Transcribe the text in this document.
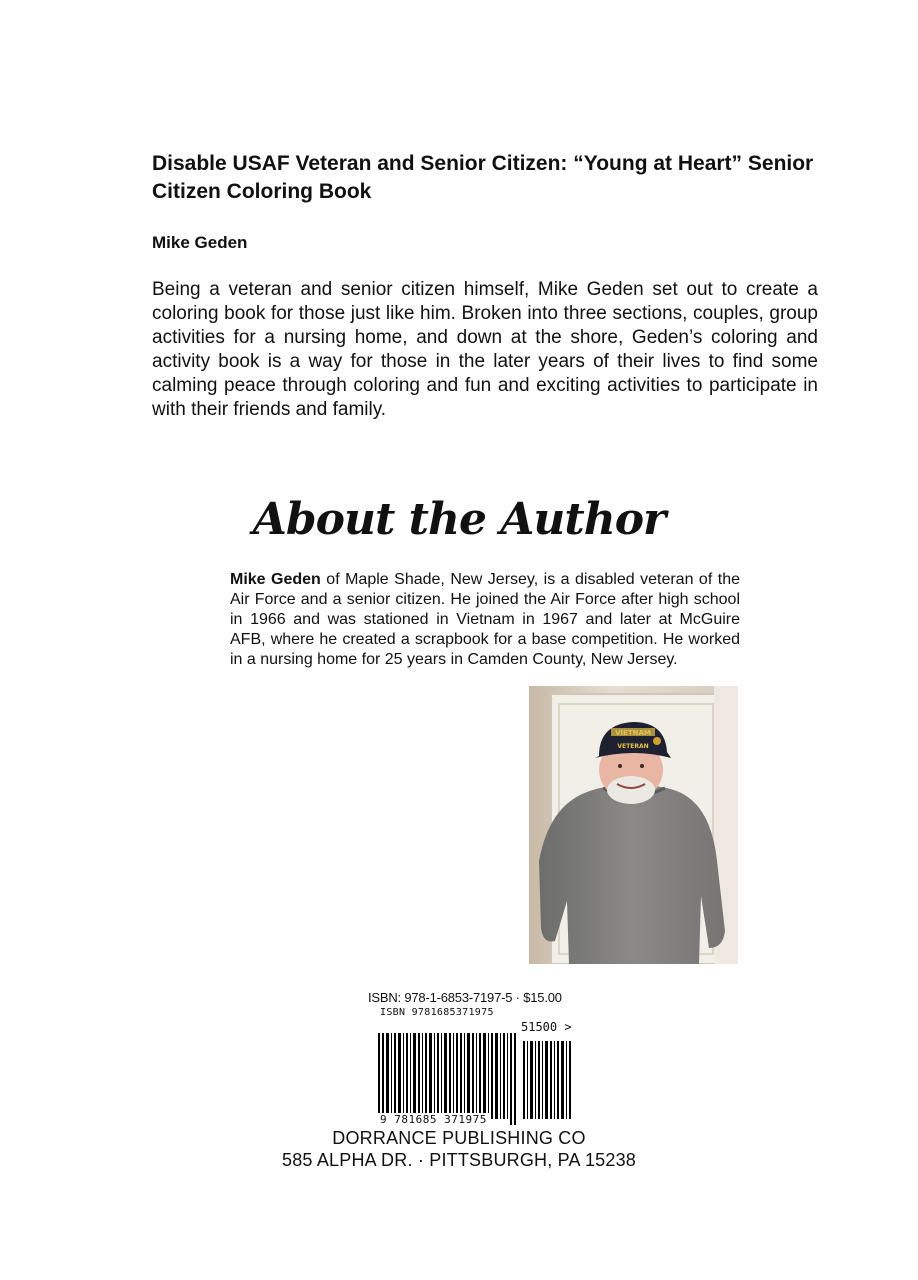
Disable USAF Veteran and Senior Citizen: “Young at Heart” Senior Citizen Coloring Book

Mike Geden

Being a veteran and senior citizen himself, Mike Geden set out to create a coloring book for those just like him. Broken into three sections, couples, group activities for a nursing home, and down at the shore, Geden’s coloring and activity book is a way for those in the later years of their lives to find some calming peace through coloring and fun and exciting activities to participate in with their friends and family.

About the Author

Mike Geden of Maple Shade, New Jersey, is a disabled veteran of the Air Force and a senior citizen. He joined the Air Force after high school in 1966 and was stationed in Vietnam in 1967 and later at McGuire AFB, where he created a scrapbook for a base competition. He worked in a nursing home for 25 years in Camden County, New Jersey.

VIETNAM
VETERAN
ISBN: 978-1-6853-7197-5 · $15.00
ISBN 9781685371975
51500 >
9 781685 371975
DORRANCE PUBLISHING CO
585 ALPHA DR. · PITTSBURGH, PA 15238
